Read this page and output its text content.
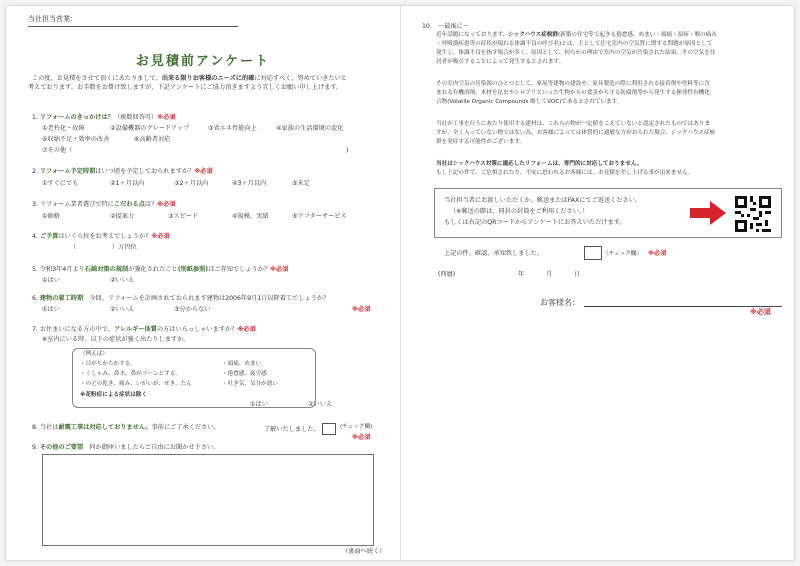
当社担当営業：
お見積前アンケート
この度、お見積をさせて頂くにあたりまして、出来る限りお客様のニーズに的確に対応すべく、努めていきたいと
考えております。お手数をお掛け致しますが、下記アンケートにご協力頂きますよう宜しくお願い申し上げます。
1. リフォームのきっかけは？（複数回答可）※必須
①老朽化・故障	②設備機器のグレードアップ	③省エネ性能向上	④家族の生活環境の変化
⑤収納不足・効率の改善	⑥高齢者対応
⑦その他（	)
2. リフォーム予定時期はいつ頃を予定しておられますか？※必須
①すぐにでも	②1ヶ月以内	③2ヶ月以内	④3ヶ月以内	⑤未定
3. リフォーム業者選びで特にこだわる点は？※必須
①価格	②提案力	③スピード	④規模、実績	⑤アフターサービス
4. ご予算はいくら位をお考えでしょうか？※必須
（	）万円位
5. 令和3年4月より石綿対策の規制が強化されたこと(別紙参照)はご存知でしょうか？※必須
①はい	②いいえ
6. 建物の着工時期　今回、リフォームを計画されておられます建物は2006年9月1日以降着工でしょうか？
①はい	②いいえ	③分からない	※必須
7. お住まいになる方の中で、アレルギー体質の方はいらっしゃいますか？※必須
※室内にいる時、以下の症状が強く出たりしますか。
（例えば）
・目がちかちかする。
・くしゃみ、鼻水、鼻がツーンとする。
・のどの乾き、痛み、いがいが、せき、たん
・頭痛、めまい
・倦怠感、疲労感
・吐き気、気分が悪い
※花粉症による症状は除く
①はい	②いいえ
8. 当社は耐震工事は対応しておりません。事前にご了承ください。	了解いたしました。	(チェック欄)
※必須
9. その他のご要望　何か御座いましたらご自由にお聞かせ下さい。
（裏面へ続く）
10.　～最後に～
近年話題になっております、シックハウス症候群(新築の住宅等で起きる倦怠感、めまい・頭痛・湿疹・喉の痛み
・呼吸器疾患等の症状が現れる体調不良の呼び名)とは、主として住宅室内の空気質に関する問題が原因として
発生し、体調不良を指す場合が多く、原因として、何らかの理由で室内の空気が汚染された結果、その空気を住
居者が吸引することによって発生するとされます。
その室内空気の汚染源のひとつとして、家屋等建物の建設や、家具製造の際に利用される接着剤や塗料等に含
まれる有機溶剤、木材を昆虫やシロアリといった生物からの食害から守る防腐剤等から発生する揮発性有機化
合物(Volatile Organic Compounds 略してVOC)であるとされています。
当社が工事を行うにあたり使用する建材は、これらの物が一定値をこえていないと認定されたものではありま
すが、全く入っていない物ではない為、お客様によっては体質的に過敏な方がおられた場合、シックハウス症候
群を発症する可能性がございます。
当社はシックハウス対策に適応したリフォームは、専門的に対応しておりません。
もし上記の件で、ご危惧されたり、不安に思われるお客様には、お見積を差し上げる事が出来ません。
当社担当者にお渡しいただくか、郵送またはFAXにてご返送ください。
（※郵送の際は、同封の封筒をご利用ください。）
もしくは右記のQRコードからアンケートにお答えいただけます。
上記の件、確認、承知致しました。	（チェック欄） ※必須
(西暦)	年	月	日
お客様名：
※必須
